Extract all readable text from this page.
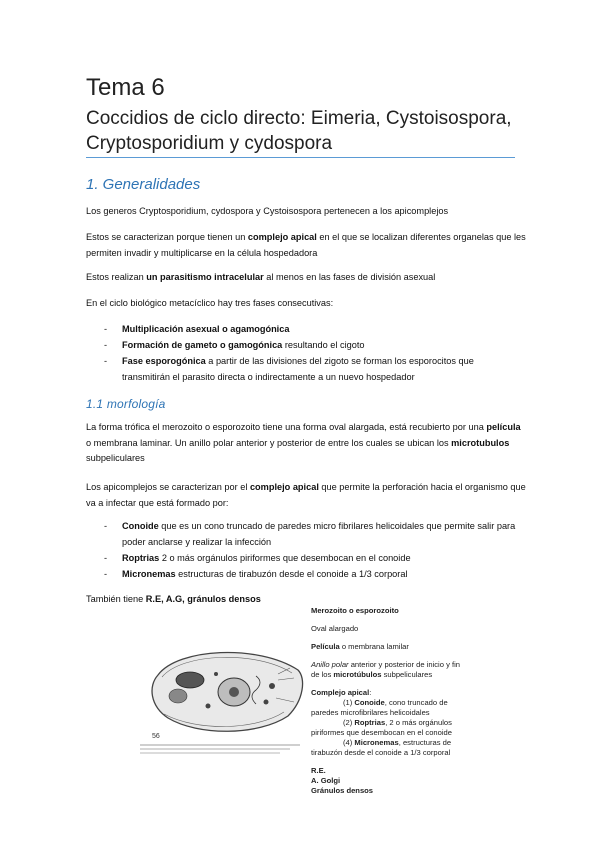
Tema 6
Coccidios de ciclo directo: Eimeria, Cystoisospora, Cryptosporidium y cydospora
1. Generalidades

Los generos Cryptosporidium, cydospora y Cystoisospora pertenecen a los apicomplejos

Estos se caracterizan porque tienen un complejo apical en el que se localizan diferentes organelas que les permiten invadir y multiplicarse en la célula hospedadora

Estos realizan un parasitismo intracelular al menos en las fases de división asexual

En el ciclo biológico metacíclico hay tres fases consecutivas:

- Multiplicación asexual o agamogónica
- Formación de gameto o gamogónica resultando el cigoto
- Fase esporogónica a partir de las divisiones del zigoto se forman los esporocitos que transmitirán el parasito directa o indirectamente a un nuevo hospedador
1.1 morfología

La forma trófica el merozoito o esporozoito tiene una forma oval alargada, está recubierto por una película o membrana laminar. Un anillo polar anterior y posterior de entre los cuales se ubican los microtubulos subpeliculares

Los apicomplejos se caracterizan por el complejo apical que permite la perforación hacia el organismo que va a infectar que está formado por:

- Conoide que es un cono truncado de paredes micro fibrilares helicoidales que permite salir para poder anclarse y realizar la infección
- Roptrias 2 o más orgánulos piriformes que desembocan en el conoide
- Micronemas estructuras de tirabuzón desde el conoide a 1/3 corporal

También tiene R.E, A.G, gránulos densos

56
Merozoito o esporozoito
Oval alargado
Película o membrana lamilar
Anillo polar anterior y posterior de inicio y fin
de los microtúbulos subpeliculares
Complejo apical:
(1) Conoide, cono truncado de
paredes microfibrilares helicoidales
(2) Roptrias, 2 o más orgánulos
piriformes que desembocan en el conoide
(4) Micronemas, estructuras de
tirabuzón desde el conoide a 1/3 corporal
R.E.
A. Golgi
Gránulos densos
